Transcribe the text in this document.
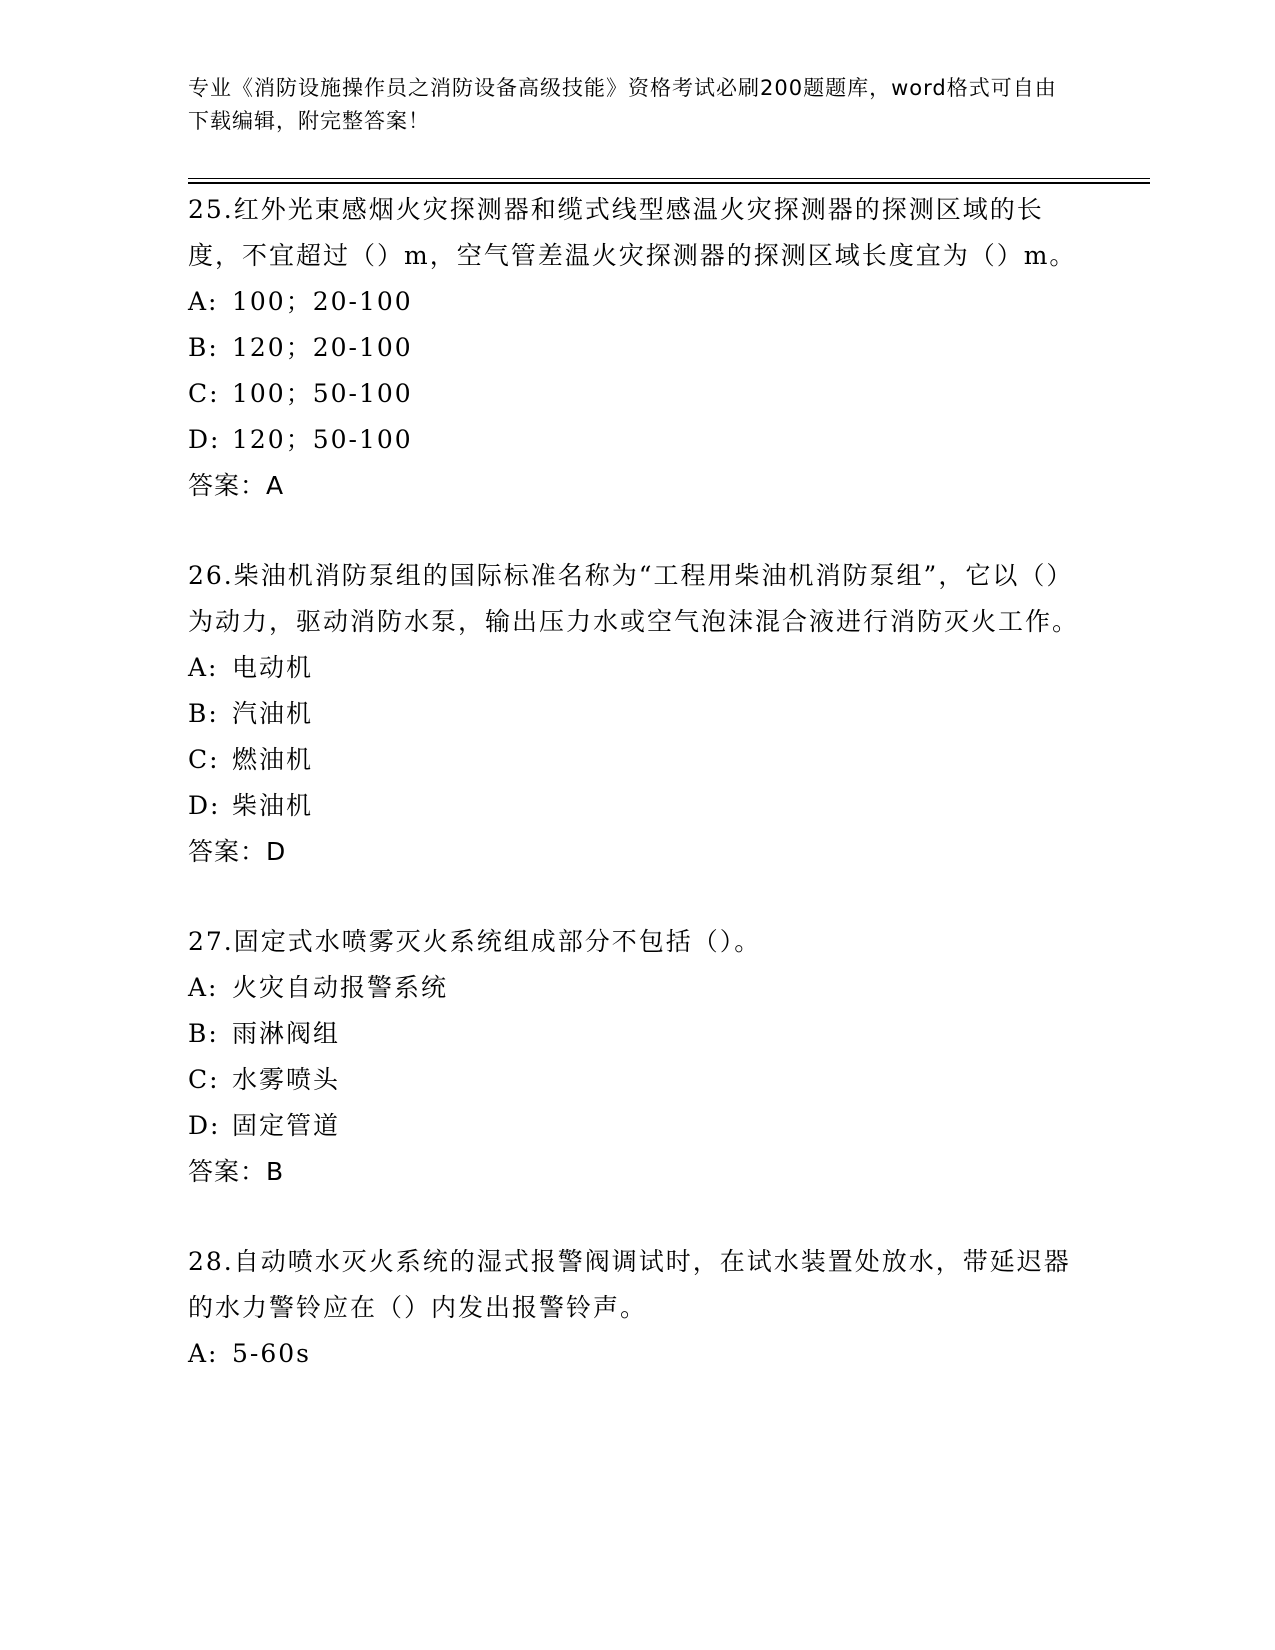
专业《消防设施操作员之消防设备高级技能》资格考试必刷200题题库，word格式可自由下载编辑，附完整答案！
25.红外光束感烟火灾探测器和缆式线型感温火灾探测器的探测区域的长度，不宜超过（）m，空气管差温火灾探测器的探测区域长度宜为（）m。
A: 100；20-100
B: 120；20-100
C: 100；50-100
D: 120；50-100
答案：A
26.柴油机消防泵组的国际标准名称为“工程用柴油机消防泵组”，它以（）为动力，驱动消防水泵，输出压力水或空气泡沫混合液进行消防灭火工作。
A: 电动机
B: 汽油机
C: 燃油机
D: 柴油机
答案：D
27.固定式水喷雾灭火系统组成部分不包括（）。
A: 火灾自动报警系统
B: 雨淋阀组
C: 水雾喷头
D: 固定管道
答案：B
28.自动喷水灭火系统的湿式报警阀调试时，在试水装置处放水，带延迟器的水力警铃应在（）内发出报警铃声。
A: 5-60s
